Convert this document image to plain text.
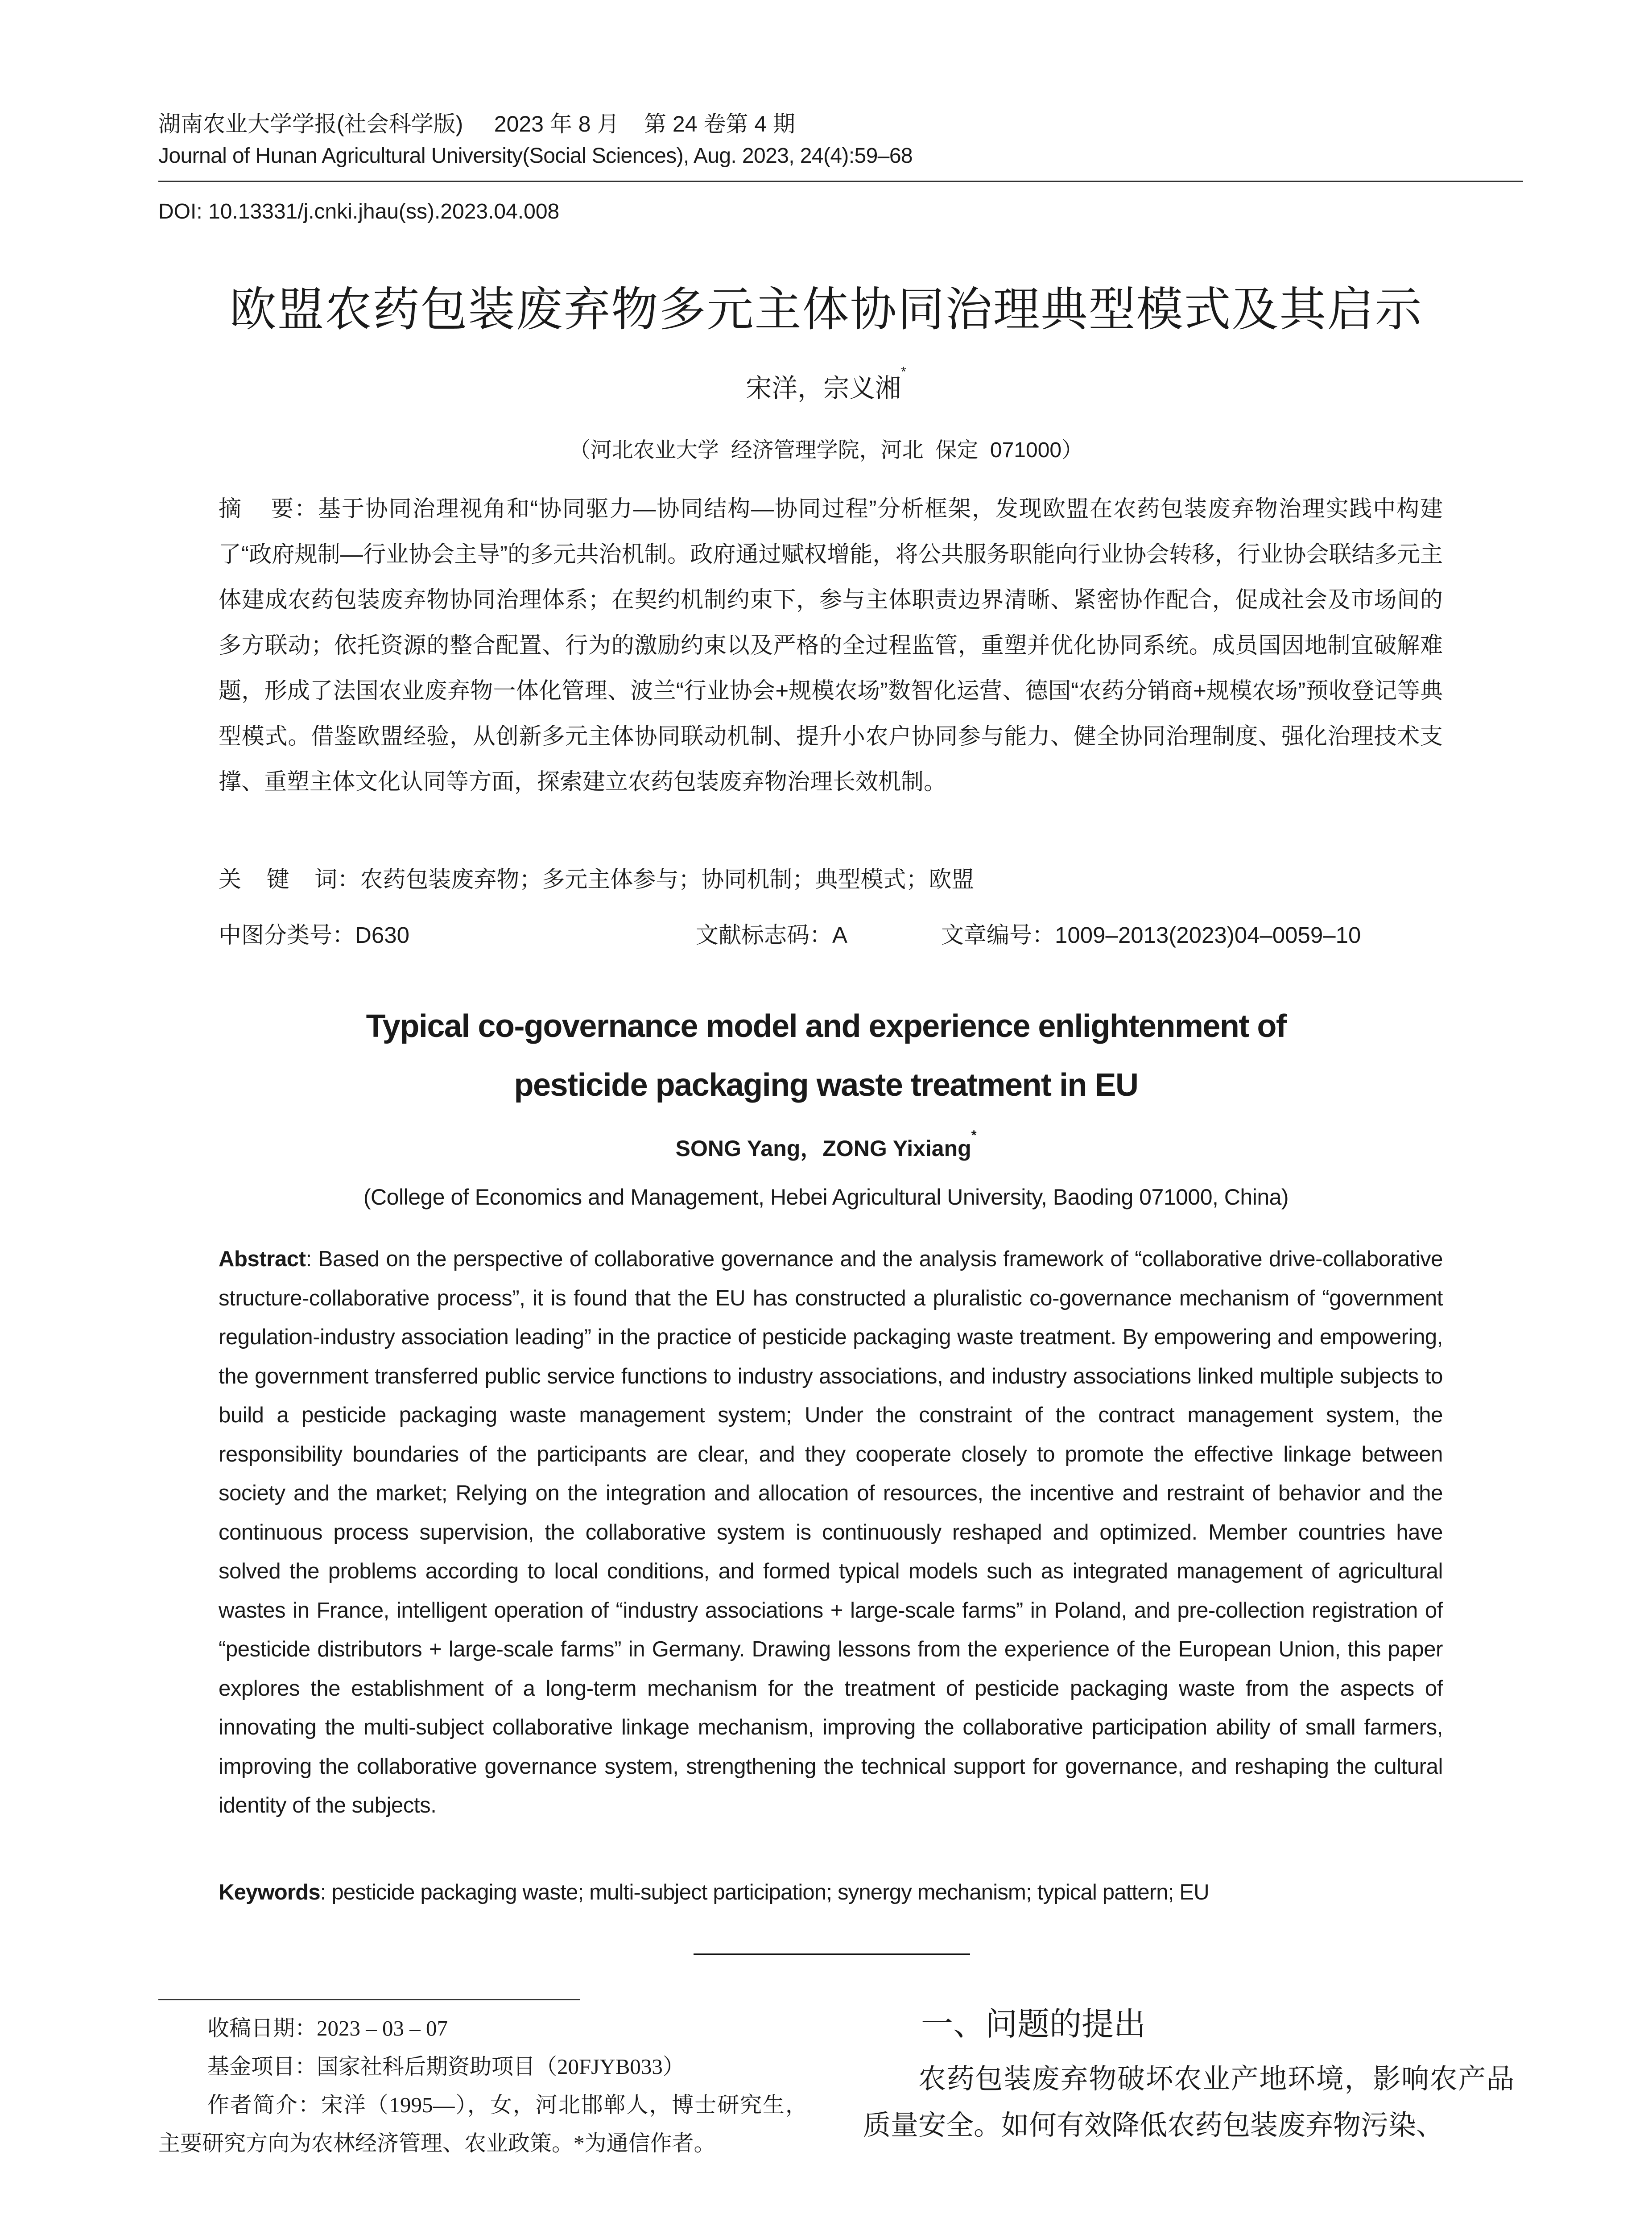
湖南农业大学学报(社会科学版)     2023 年 8 月    第 24 卷第 4 期
Journal of Hunan Agricultural University(Social Sciences), Aug. 2023, 24(4):59–68
DOI: 10.13331/j.cnki.jhau(ss).2023.04.008
欧盟农药包装废弃物多元主体协同治理典型模式及其启示
宋洋，宗义湘*
（河北农业大学  经济管理学院，河北  保定  071000）
摘    要：基于协同治理视角和“协同驱力—协同结构—协同过程”分析框架，发现欧盟在农药包装废弃物治理实践中构建了“政府规制—行业协会主导”的多元共治机制。政府通过赋权增能，将公共服务职能向行业协会转移，行业协会联结多元主体建成农药包装废弃物协同治理体系；在契约机制约束下，参与主体职责边界清晰、紧密协作配合，促成社会及市场间的多方联动；依托资源的整合配置、行为的激励约束以及严格的全过程监管，重塑并优化协同系统。成员国因地制宜破解难题，形成了法国农业废弃物一体化管理、波兰“行业协会+规模农场”数智化运营、德国“农药分销商+规模农场”预收登记等典型模式。借鉴欧盟经验，从创新多元主体协同联动机制、提升小农户协同参与能力、健全协同治理制度、强化治理技术支撑、重塑主体文化认同等方面，探索建立农药包装废弃物治理长效机制。
关    键    词：农药包装废弃物；多元主体参与；协同机制；典型模式；欧盟
中图分类号：D630	文献标志码：A	文章编号：1009–2013(2023)04–0059–10
Typical co-governance model and experience enlightenment of
pesticide packaging waste treatment in EU
SONG Yang，ZONG Yixiang*
(College of Economics and Management, Hebei Agricultural University, Baoding 071000, China)
Abstract: Based on the perspective of collaborative governance and the analysis framework of “collaborative drive-collaborative structure-collaborative process”, it is found that the EU has constructed a pluralistic co-governance mechanism of “government regulation-industry association leading” in the practice of pesticide packaging waste treatment. By empowering and empowering, the government transferred public service functions to industry associations, and industry associations linked multiple subjects to build a pesticide packaging waste management system; Under the constraint of the contract management system, the responsibility boundaries of the participants are clear, and they cooperate closely to promote the effective linkage between society and the market; Relying on the integration and allocation of resources, the incentive and restraint of behavior and the continuous process supervision, the collaborative system is continuously reshaped and optimized. Member countries have solved the problems according to local conditions, and formed typical models such as integrated management of agricultural wastes in France, intelligent operation of “industry associations + large-scale farms” in Poland, and pre-collection registration of “pesticide distributors + large-scale farms” in Germany. Drawing lessons from the experience of the European Union, this paper explores the establishment of a long-term mechanism for the treatment of pesticide packaging waste from the aspects of innovating the multi-subject collaborative linkage mechanism, improving the collaborative participation ability of small farmers, improving the collaborative governance system, strengthening the technical support for governance, and reshaping the cultural identity of the subjects.
Keywords: pesticide packaging waste; multi-subject participation; synergy mechanism; typical pattern; EU
收稿日期：2023 – 03 – 07
基金项目：国家社科后期资助项目（20FJYB033）
作者简介：宋洋（1995—），女，河北邯郸人，博士研究生，主要研究方向为农林经济管理、农业政策。*为通信作者。
一、问题的提出
农药包装废弃物破坏农业产地环境，影响农产品质量安全。如何有效降低农药包装废弃物污染、
